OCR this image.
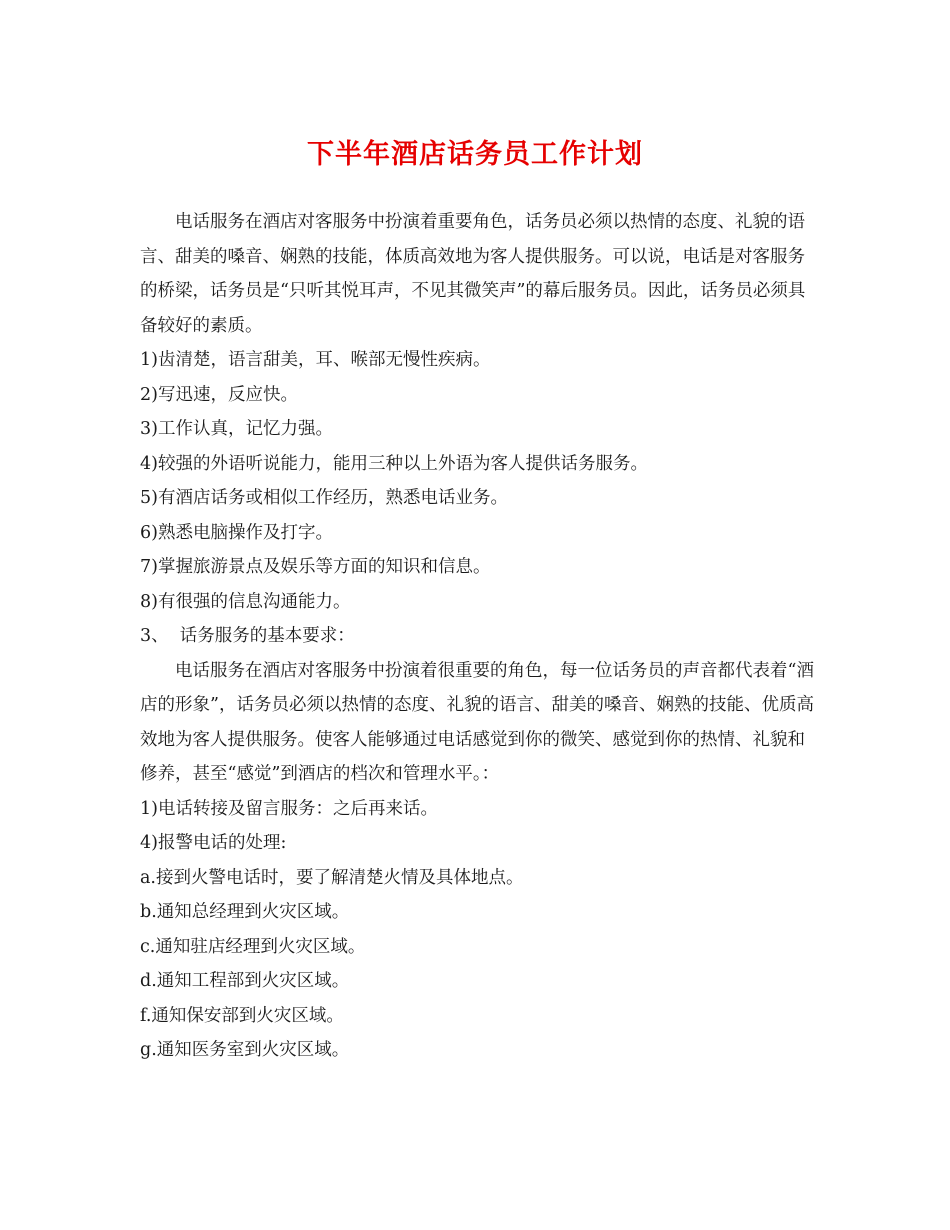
下半年酒店话务员工作计划

电话服务在酒店对客服务中扮演着重要角色，话务员必须以热情的态度、礼貌的语言、甜美的嗓音、娴熟的技能，体质高效地为客人提供服务。可以说，电话是对客服务的桥梁，话务员是“只听其悦耳声，不见其微笑声”的幕后服务员。因此，话务员必须具备较好的素质。

1)齿清楚，语言甜美，耳、喉部无慢性疾病。

2)写迅速，反应快。

3)工作认真，记忆力强。

4)较强的外语听说能力，能用三种以上外语为客人提供话务服务。

5)有酒店话务或相似工作经历，熟悉电话业务。

6)熟悉电脑操作及打字。

7)掌握旅游景点及娱乐等方面的知识和信息。

8)有很强的信息沟通能力。

3、  话务服务的基本要求：

电话服务在酒店对客服务中扮演着很重要的角色，每一位话务员的声音都代表着“酒店的形象”，话务员必须以热情的态度、礼貌的语言、甜美的嗓音、娴熟的技能、优质高效地为客人提供服务。使客人能够通过电话感觉到你的微笑、感觉到你的热情、礼貌和修养，甚至“感觉”到酒店的档次和管理水平。：

1)电话转接及留言服务：之后再来话。

4)报警电话的处理:

a.接到火警电话时，要了解清楚火情及具体地点。

b.通知总经理到火灾区域。

c.通知驻店经理到火灾区域。

d.通知工程部到火灾区域。

f.通知保安部到火灾区域。

g.通知医务室到火灾区域。
